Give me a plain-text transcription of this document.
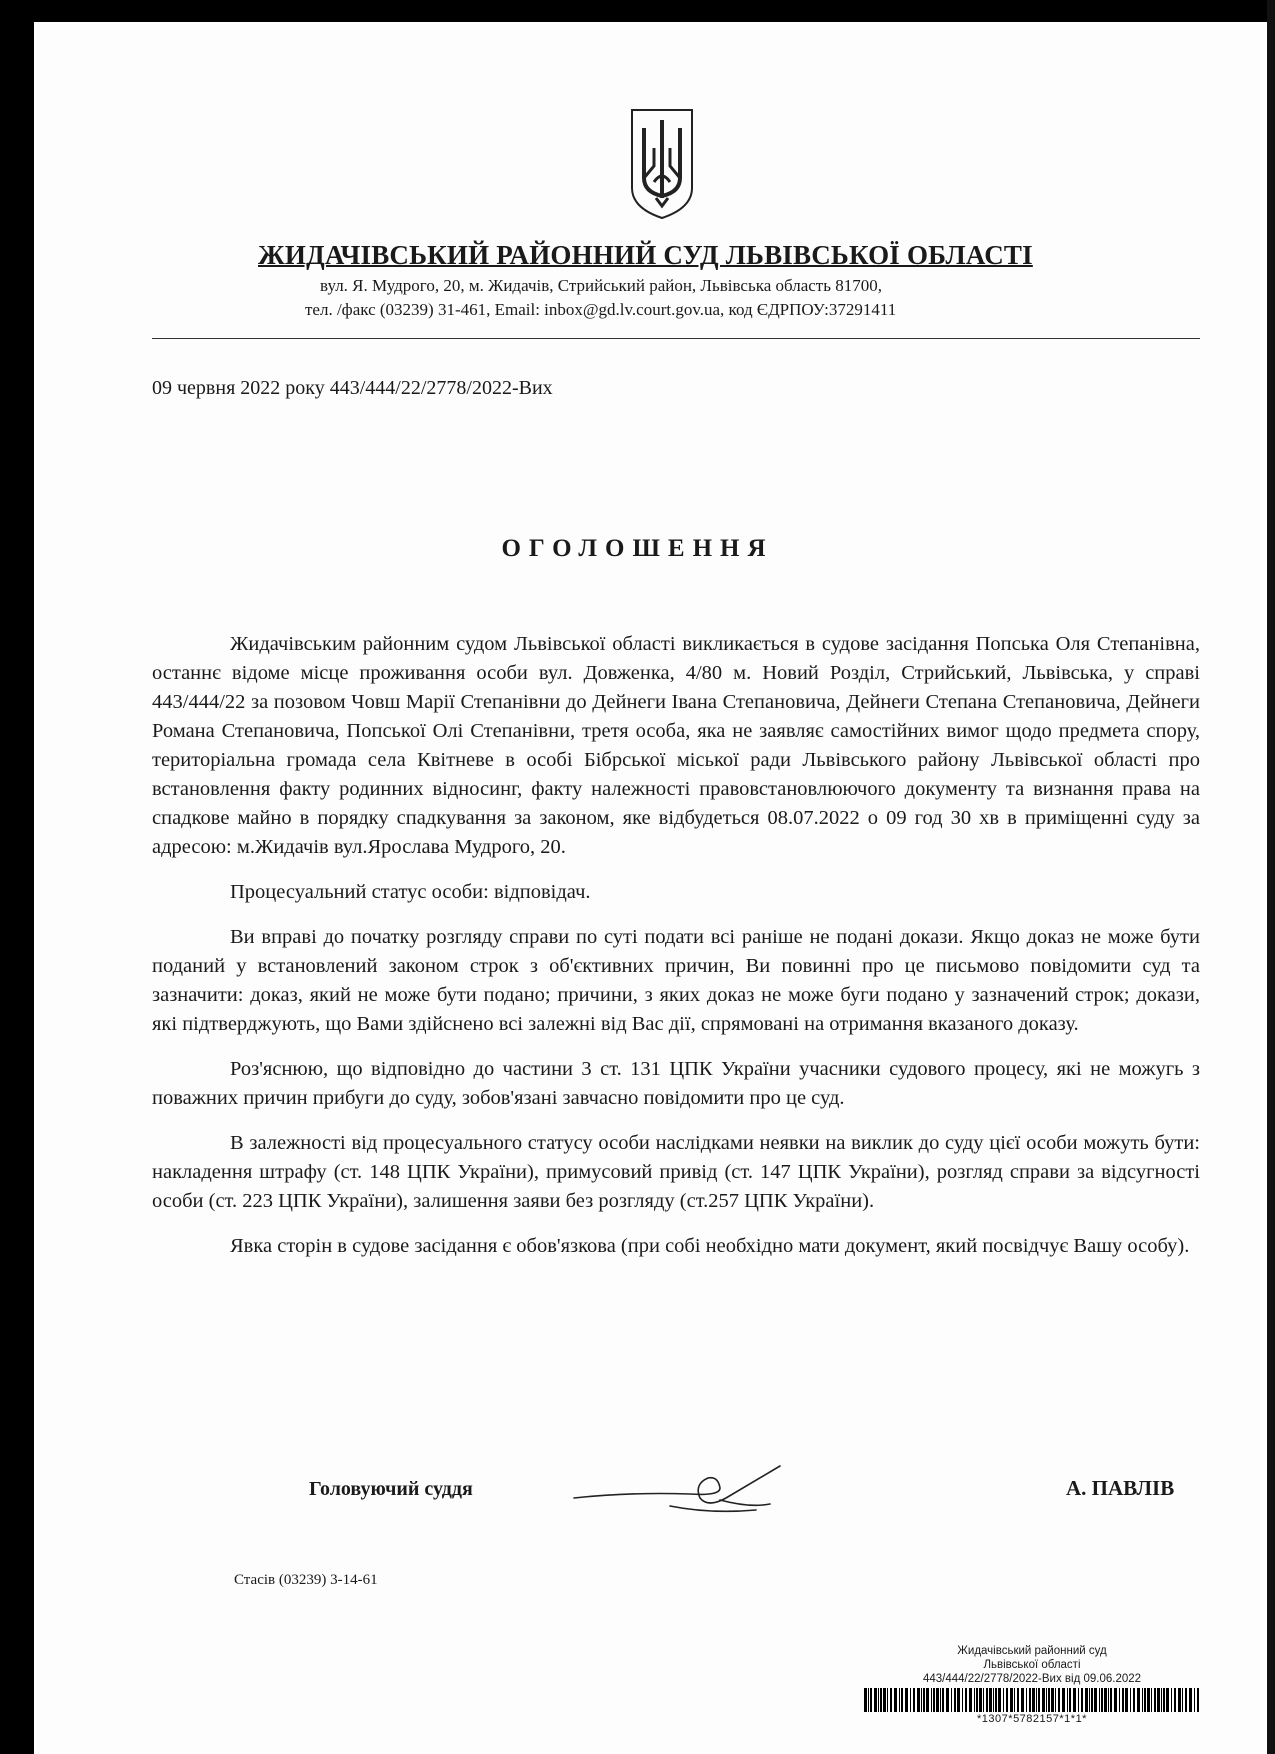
ЖИДАЧІВСЬКИЙ РАЙОННИЙ СУД ЛЬВІВСЬКОЇ ОБЛАСТІ
вул. Я. Мудрого, 20, м. Жидачів, Стрийський район, Львівська область 81700,
тел. /факс (03239) 31-461, Email: inbox@gd.lv.court.gov.ua, код ЄДРПОУ:37291411
09 червня 2022 року 443/444/22/2778/2022-Вих
ОГОЛОШЕННЯ

Жидачівським районним судом Львівської області викликається в судове засідання Попська Оля Степанівна, останнє відоме місце проживання особи вул. Довженка, 4/80 м. Новий Розділ, Стрийський, Львівська, у справі 443/444/22 за позовом Човш Марії Степанівни до Дейнеги Івана Степановича, Дейнеги Степана Степановича, Дейнеги Романа Степановича, Попської Олі Степанівни, третя особа, яка не заявляє самостійних вимог щодо предмета спору, територіальна громада села Квітневе в особі Бібрської міської ради Львівського району Львівської області про встановлення факту родинних відносинг, факту належності правовстановлюючого документу та визнання права на спадкове майно в порядку спадкування за законом, яке відбудеться 08.07.2022 о 09 год 30 хв в приміщенні суду за адресою: м.Жидачів вул.Ярослава Мудрого, 20.

Процесуальний статус особи: відповідач.

Ви вправі до початку розгляду справи по суті подати всі раніше не подані докази. Якщо доказ не може бути поданий у встановлений законом строк з об'єктивних причин, Ви повинні про це письмово повідомити суд та зазначити: доказ, який не може бути подано; причини, з яких доказ не може буги подано у зазначений строк; докази, які підтверджують, що Вами здійснено всі залежні від Вас дії, спрямовані на отримання вказаного доказу.

Роз'яснюю, що відповідно до частини 3 ст. 131 ЦПК України учасники судового процесу, які не можугь з поважних причин прибуги до суду, зобов'язані завчасно повідомити про це суд.

В залежності від процесуального статусу особи наслідками неявки на виклик до суду цієї особи можуть бути: накладення штрафу (ст. 148 ЦПК України), примусовий привід (ст. 147 ЦПК України), розгляд справи за відсугності особи (ст. 223 ЦПК України), залишення заяви без розгляду (ст.257 ЦПК України).

Явка сторін в судове засідання є обов'язкова (при собі необхідно мати документ, який посвідчує Вашу особу).

Головуючий суддя	А. ПАВЛІВ
Стасів (03239) 3-14-61
Жидачівський районний суд
Львівської області
443/444/22/2778/2022-Вих від 09.06.2022
*1307*5782157*1*1*
